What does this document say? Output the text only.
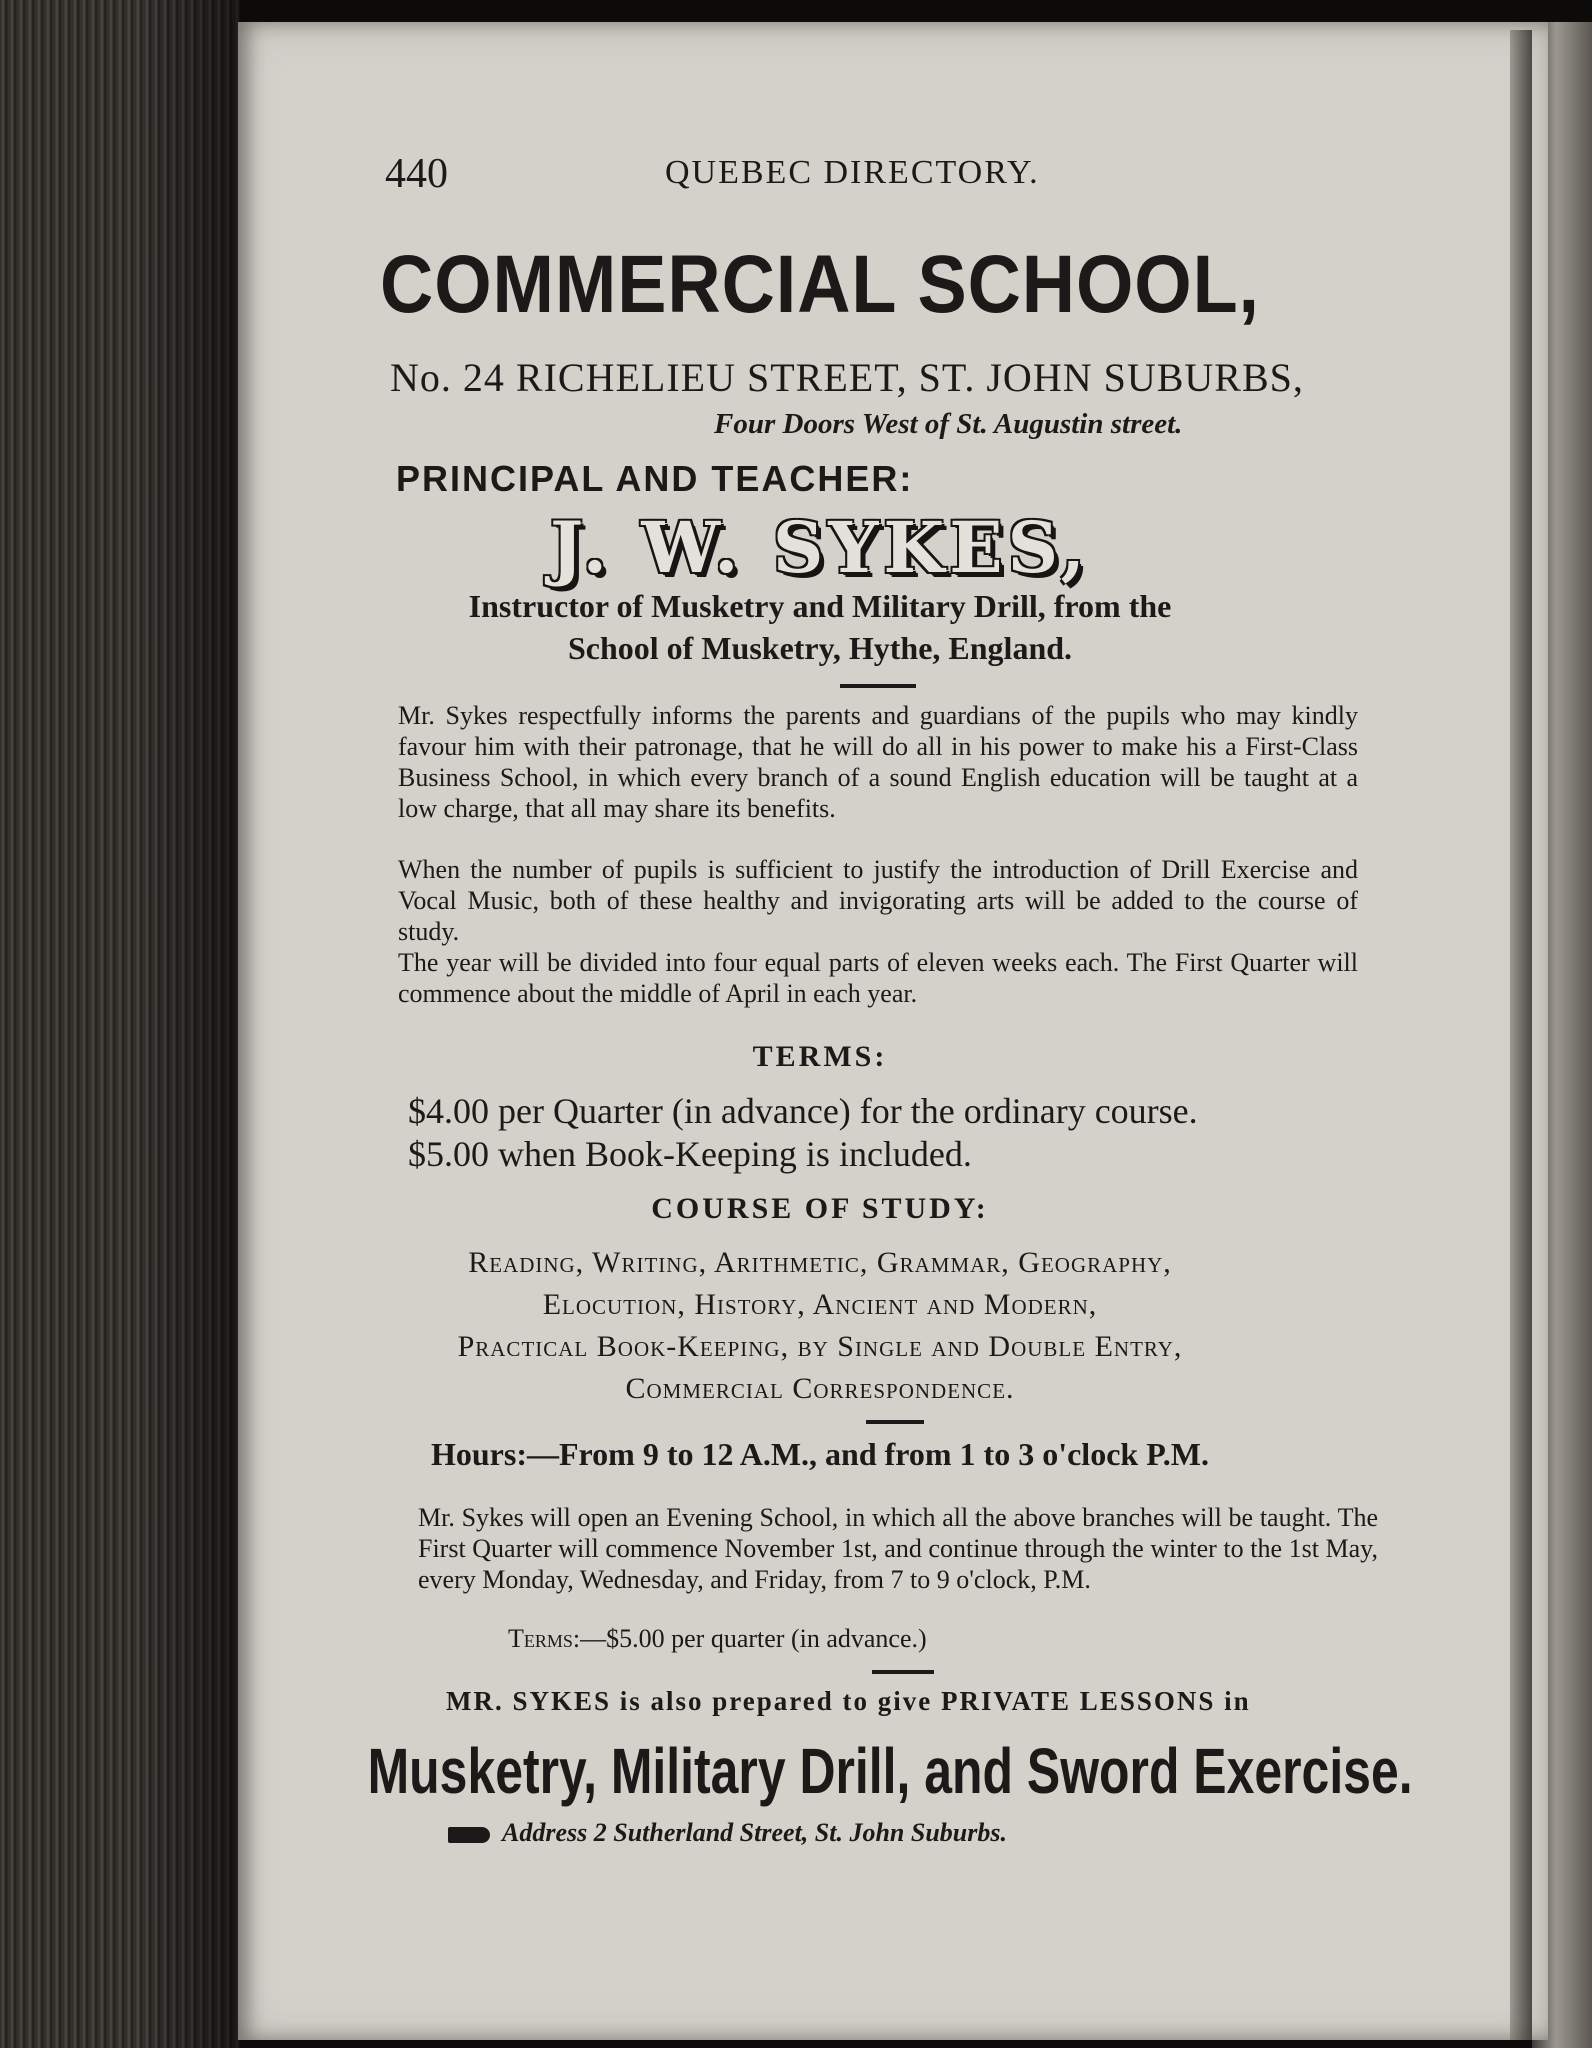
440	QUEBEC DIRECTORY.
COMMERCIAL SCHOOL,
No. 24 RICHELIEU STREET, ST. JOHN SUBURBS,
Four Doors West of St. Augustin street.
PRINCIPAL AND TEACHER:
J. W. SYKES,
Instructor of Musketry and Military Drill, from the
School of Musketry, Hythe, England.
Mr. Sykes respectfully informs the parents and guardians of the pupils who may kindly favour him with their patronage, that he will do all in his power to make his a First-Class Business School, in which every branch of a sound English education will be taught at a low charge, that all may share its benefits.
When the number of pupils is sufficient to justify the introduction of Drill Exercise and Vocal Music, both of these healthy and invigorating arts will be added to the course of study.
The year will be divided into four equal parts of eleven weeks each. The First Quarter will commence about the middle of April in each year.
TERMS:
$4.00 per Quarter (in advance) for the ordinary course.
$5.00 when Book-Keeping is included.
COURSE OF STUDY:
Reading, Writing, Arithmetic, Grammar, Geography,
Elocution, History, Ancient and Modern,
Practical Book-Keeping, by Single and Double Entry,
Commercial Correspondence.
Hours:—From 9 to 12 A.M., and from 1 to 3 o'clock P.M.
Mr. Sykes will open an Evening School, in which all the above branches will be taught. The First Quarter will commence November 1st, and continue through the winter to the 1st May, every Monday, Wednesday, and Friday, from 7 to 9 o'clock, P.M.
Terms:—$5.00 per quarter (in advance.)
MR. SYKES is also prepared to give PRIVATE LESSONS in
Musketry, Military Drill, and Sword Exercise.
Address 2 Sutherland Street, St. John Suburbs.
